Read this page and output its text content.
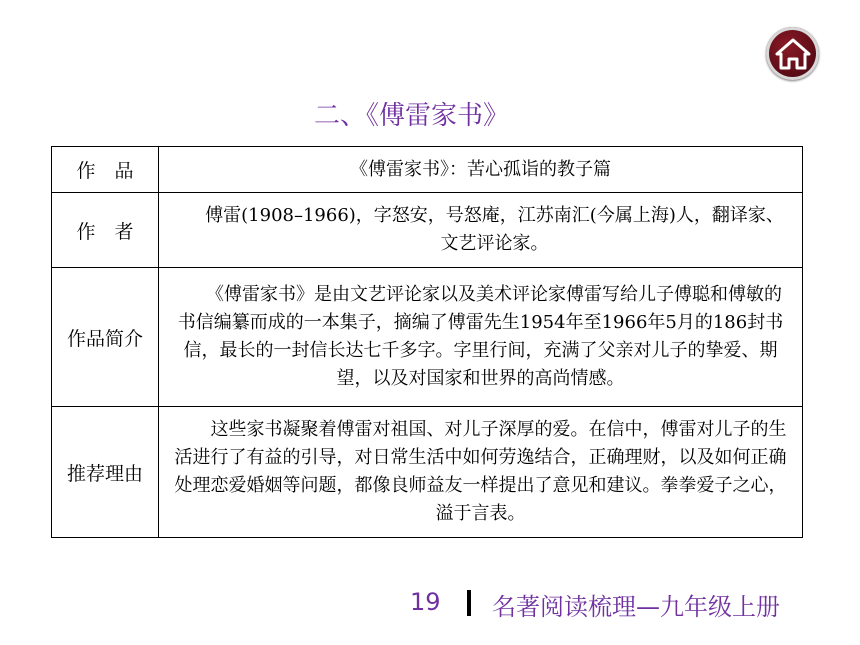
二、《傅雷家书》
作　品	《傅雷家书》：苦心孤诣的教子篇
作　者	傅雷(1908–1966)，字怒安，号怒庵，江苏南汇(今属上海)人，翻译家、文艺评论家。
作品简介	　　《傅雷家书》是由文艺评论家以及美术评论家傅雷写给儿子傅聪和傅敏的书信编纂而成的一本集子，摘编了傅雷先生1954年至1966年5月的186封书信，最长的一封信长达七千多字。字里行间，充满了父亲对儿子的挚爱、期望，以及对国家和世界的高尚情感。
推荐理由	　　这些家书凝聚着傅雷对祖国、对儿子深厚的爱。在信中，傅雷对儿子的生活进行了有益的引导，对日常生活中如何劳逸结合，正确理财，以及如何正确处理恋爱婚姻等问题，都像良师益友一样提出了意见和建议。拳拳爱子之心，溢于言表。
19 名著阅读梳理—九年级上册
